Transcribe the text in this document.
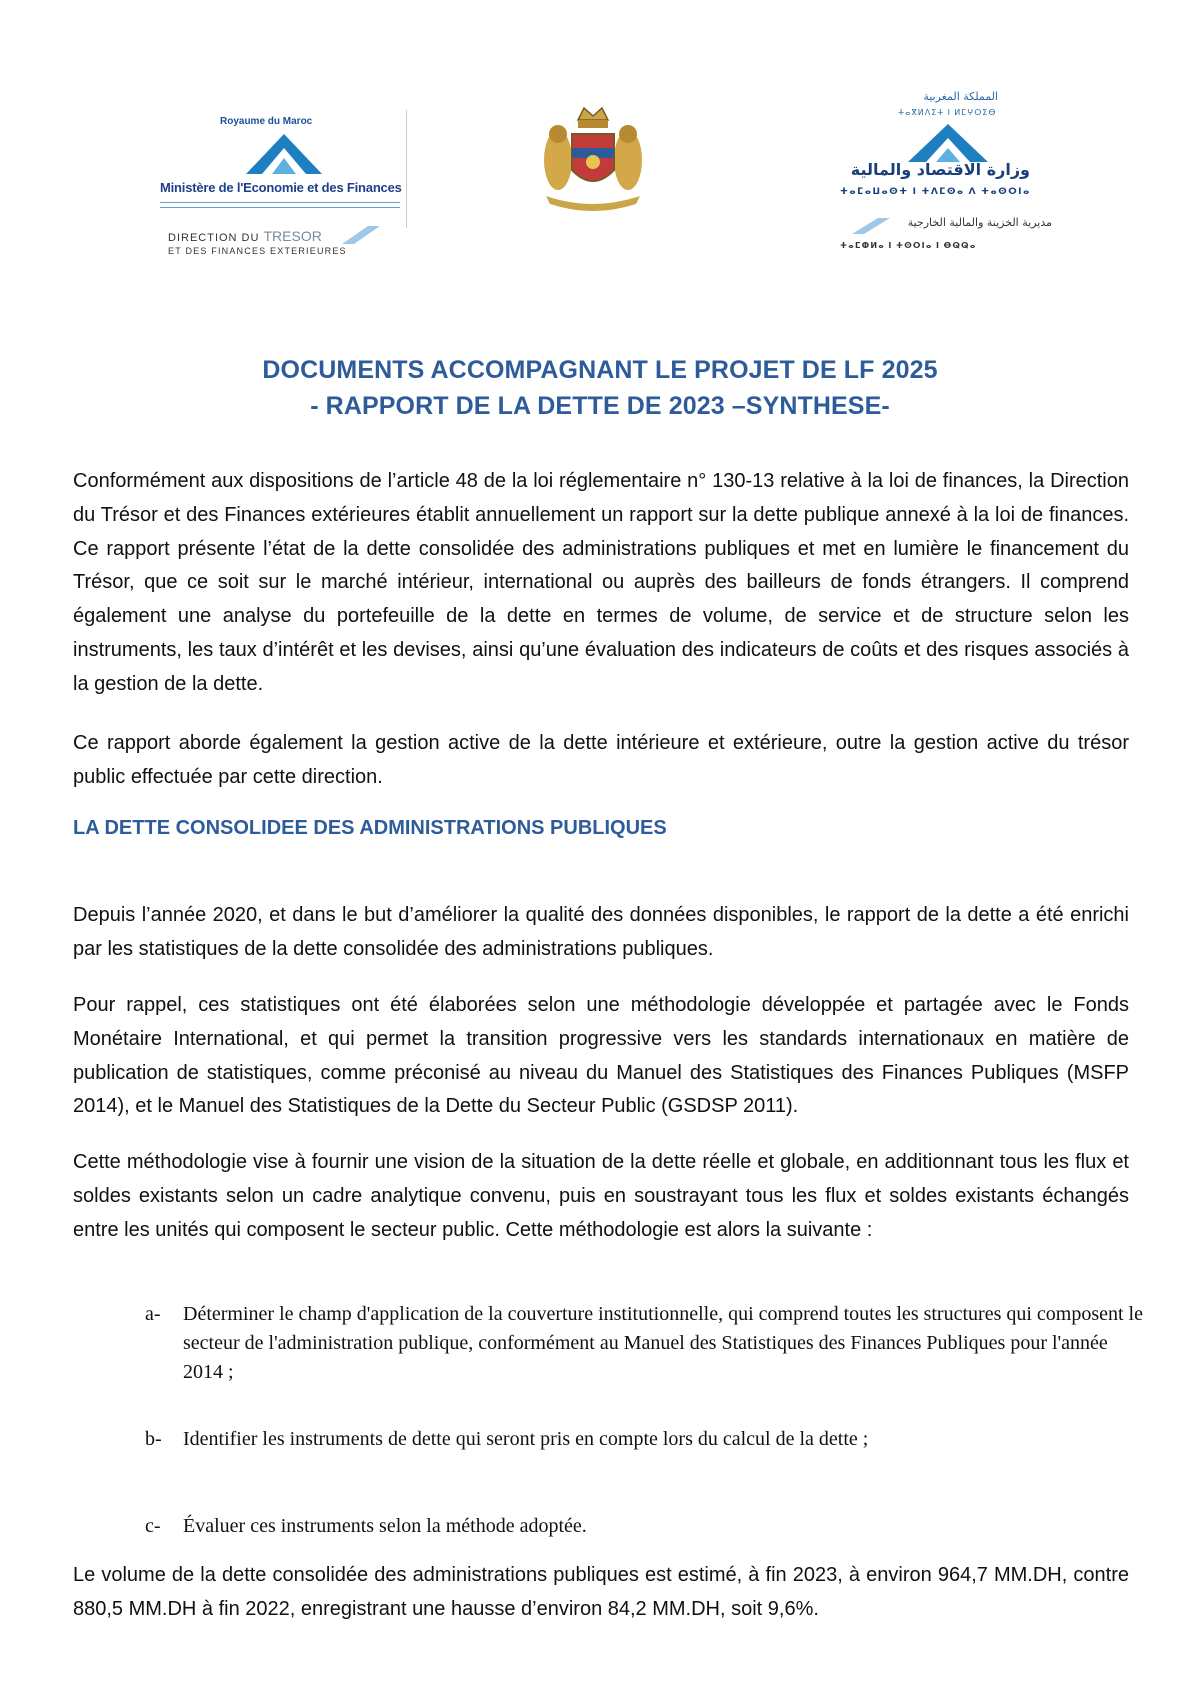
Royaume du Maroc
Ministère de l'Economie et des Finances
DIRECTION DU TRESOR
ET DES FINANCES EXTERIEURES
المملكة المغربية
ⵜⴰⴳⵍⴷⵉⵜ ⵏ ⵍⵎⵖⵔⵉⴱ
وزارة الاقتصاد والمالية
ⵜⴰⵎⴰⵡⴰⵙⵜ ⵏ ⵜⴷⵎⵙⴰ ⴷ ⵜⴰⵙⵔⵏⴰ
مديرية الخزينة والمالية الخارجية
ⵜⴰⵎⵀⵍⴰ ⵏ ⵜⵙⵔⵏⴰ ⵏ ⴱⵕⵕⴰ
DOCUMENTS ACCOMPAGNANT LE PROJET DE LF 2025
- RAPPORT DE LA DETTE DE 2023 –SYNTHESE-
Conformément aux dispositions de l’article 48 de la loi réglementaire n° 130-13 relative à la loi de finances, la Direction du Trésor et des Finances extérieures établit annuellement un rapport sur la dette publique annexé à la loi de finances. Ce rapport présente l’état de la dette consolidée des administrations publiques et met en lumière le financement du Trésor, que ce soit sur le marché intérieur, international ou auprès des bailleurs de fonds étrangers. Il comprend également une analyse du portefeuille de la dette en termes de volume, de service et de structure selon les instruments, les taux d’intérêt et les devises, ainsi qu’une évaluation des indicateurs de coûts et des risques associés à la gestion de la dette.
Ce rapport aborde également la gestion active de la dette intérieure et extérieure, outre la gestion active du trésor public effectuée par cette direction.
LA DETTE CONSOLIDEE DES ADMINISTRATIONS PUBLIQUES
Depuis l’année 2020, et dans le but d’améliorer la qualité des données disponibles, le rapport de la dette a été enrichi par les statistiques de la dette consolidée des administrations publiques.
Pour rappel, ces statistiques ont été élaborées selon une méthodologie développée et partagée avec le Fonds Monétaire International, et qui permet la transition progressive vers les standards internationaux en matière de publication de statistiques, comme préconisé au niveau du Manuel des Statistiques des Finances Publiques (MSFP 2014), et le Manuel des Statistiques de la Dette du Secteur Public (GSDSP 2011).
Cette méthodologie vise à fournir une vision de la situation de la dette réelle et globale, en additionnant tous les flux et soldes existants selon un cadre analytique convenu, puis en soustrayant tous les flux et soldes existants échangés entre les unités qui composent le secteur public. Cette méthodologie est alors la suivante :
a- Déterminer le champ d'application de la couverture institutionnelle, qui comprend toutes les structures qui composent le secteur de l'administration publique, conformément au Manuel des Statistiques des Finances Publiques pour l'année 2014 ;
b- Identifier les instruments de dette qui seront pris en compte lors du calcul de la dette ;
c- Évaluer ces instruments selon la méthode adoptée.
Le volume de la dette consolidée des administrations publiques est estimé, à fin 2023, à environ 964,7 MM.DH, contre 880,5 MM.DH à fin 2022, enregistrant une hausse d’environ 84,2 MM.DH, soit 9,6%.
